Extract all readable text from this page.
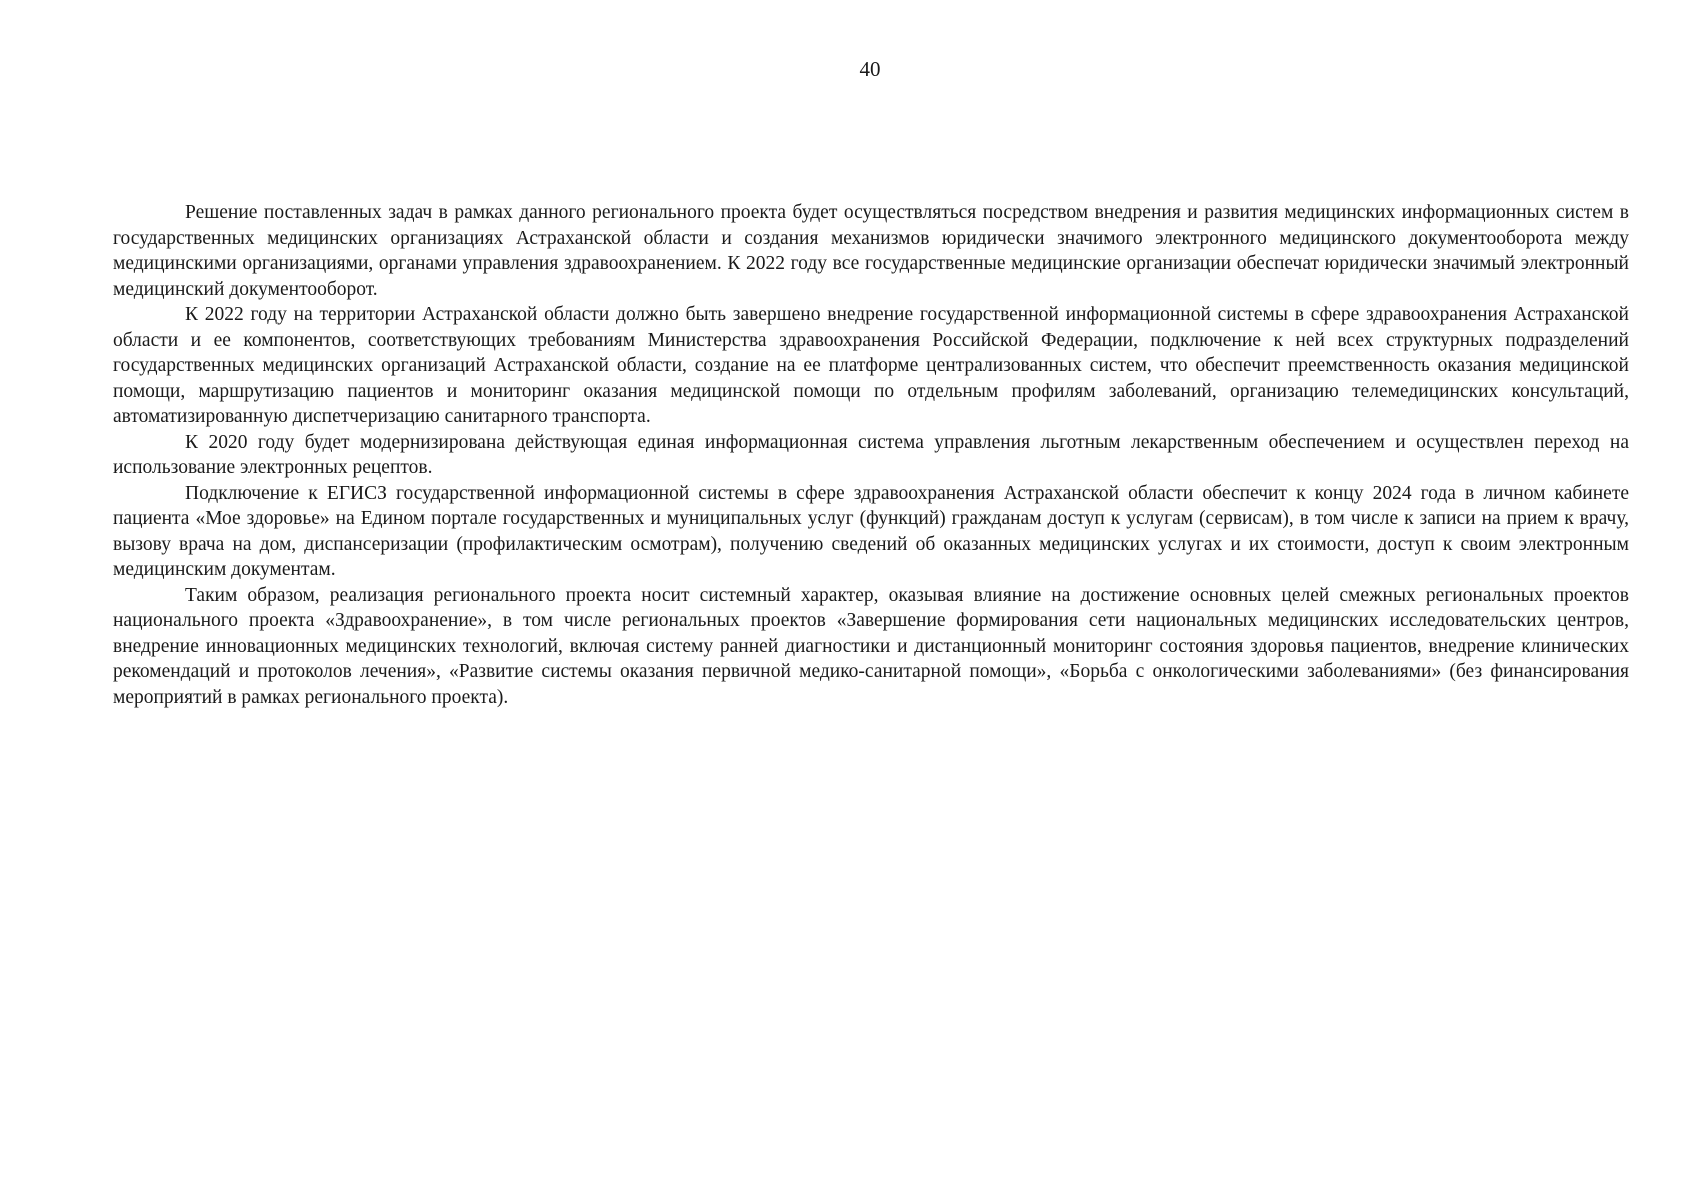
40

Решение поставленных задач в рамках данного регионального проекта будет осуществляться посредством внедрения и развития медицинских информационных систем в государственных медицинских организациях Астраханской области и создания механизмов юридически значимого электронного медицинского документооборота между медицинскими организациями, органами управления здравоохранением. К 2022 году все государственные медицинские организации обеспечат юридически значимый электронный медицинский документооборот.

К 2022 году на территории Астраханской области должно быть завершено внедрение государственной информационной системы в сфере здравоохранения Астраханской области и ее компонентов, соответствующих требованиям Министерства здравоохранения Российской Федерации, подключение к ней всех структурных подразделений государственных медицинских организаций Астраханской области, создание на ее платформе централизованных систем, что обеспечит преемственность оказания медицинской помощи, маршрутизацию пациентов и мониторинг оказания медицинской помощи по отдельным профилям заболеваний, организацию телемедицинских консультаций, автоматизированную диспетчеризацию санитарного транспорта.

К 2020 году будет модернизирована действующая единая информационная система управления льготным лекарственным обеспечением и осуществлен переход на использование электронных рецептов.

Подключение к ЕГИСЗ государственной информационной системы в сфере здравоохранения Астраханской области обеспечит к концу 2024 года в личном кабинете пациента «Мое здоровье» на Едином портале государственных и муниципальных услуг (функций) гражданам доступ к услугам (сервисам), в том числе к записи на прием к врачу, вызову врача на дом, диспансеризации (профилактическим осмотрам), получению сведений об оказанных медицинских услугах и их стоимости, доступ к своим электронным медицинским документам.

Таким образом, реализация регионального проекта носит системный характер, оказывая влияние на достижение основных целей смежных региональных проектов национального проекта «Здравоохранение», в том числе региональных проектов «Завершение формирования сети национальных медицинских исследовательских центров, внедрение инновационных медицинских технологий, включая систему ранней диагностики и дистанционный мониторинг состояния здоровья пациентов, внедрение клинических рекомендаций и протоколов лечения», «Развитие системы оказания первичной медико-санитарной помощи», «Борьба с онкологическими заболеваниями» (без финансирования мероприятий в рамках регионального проекта).
